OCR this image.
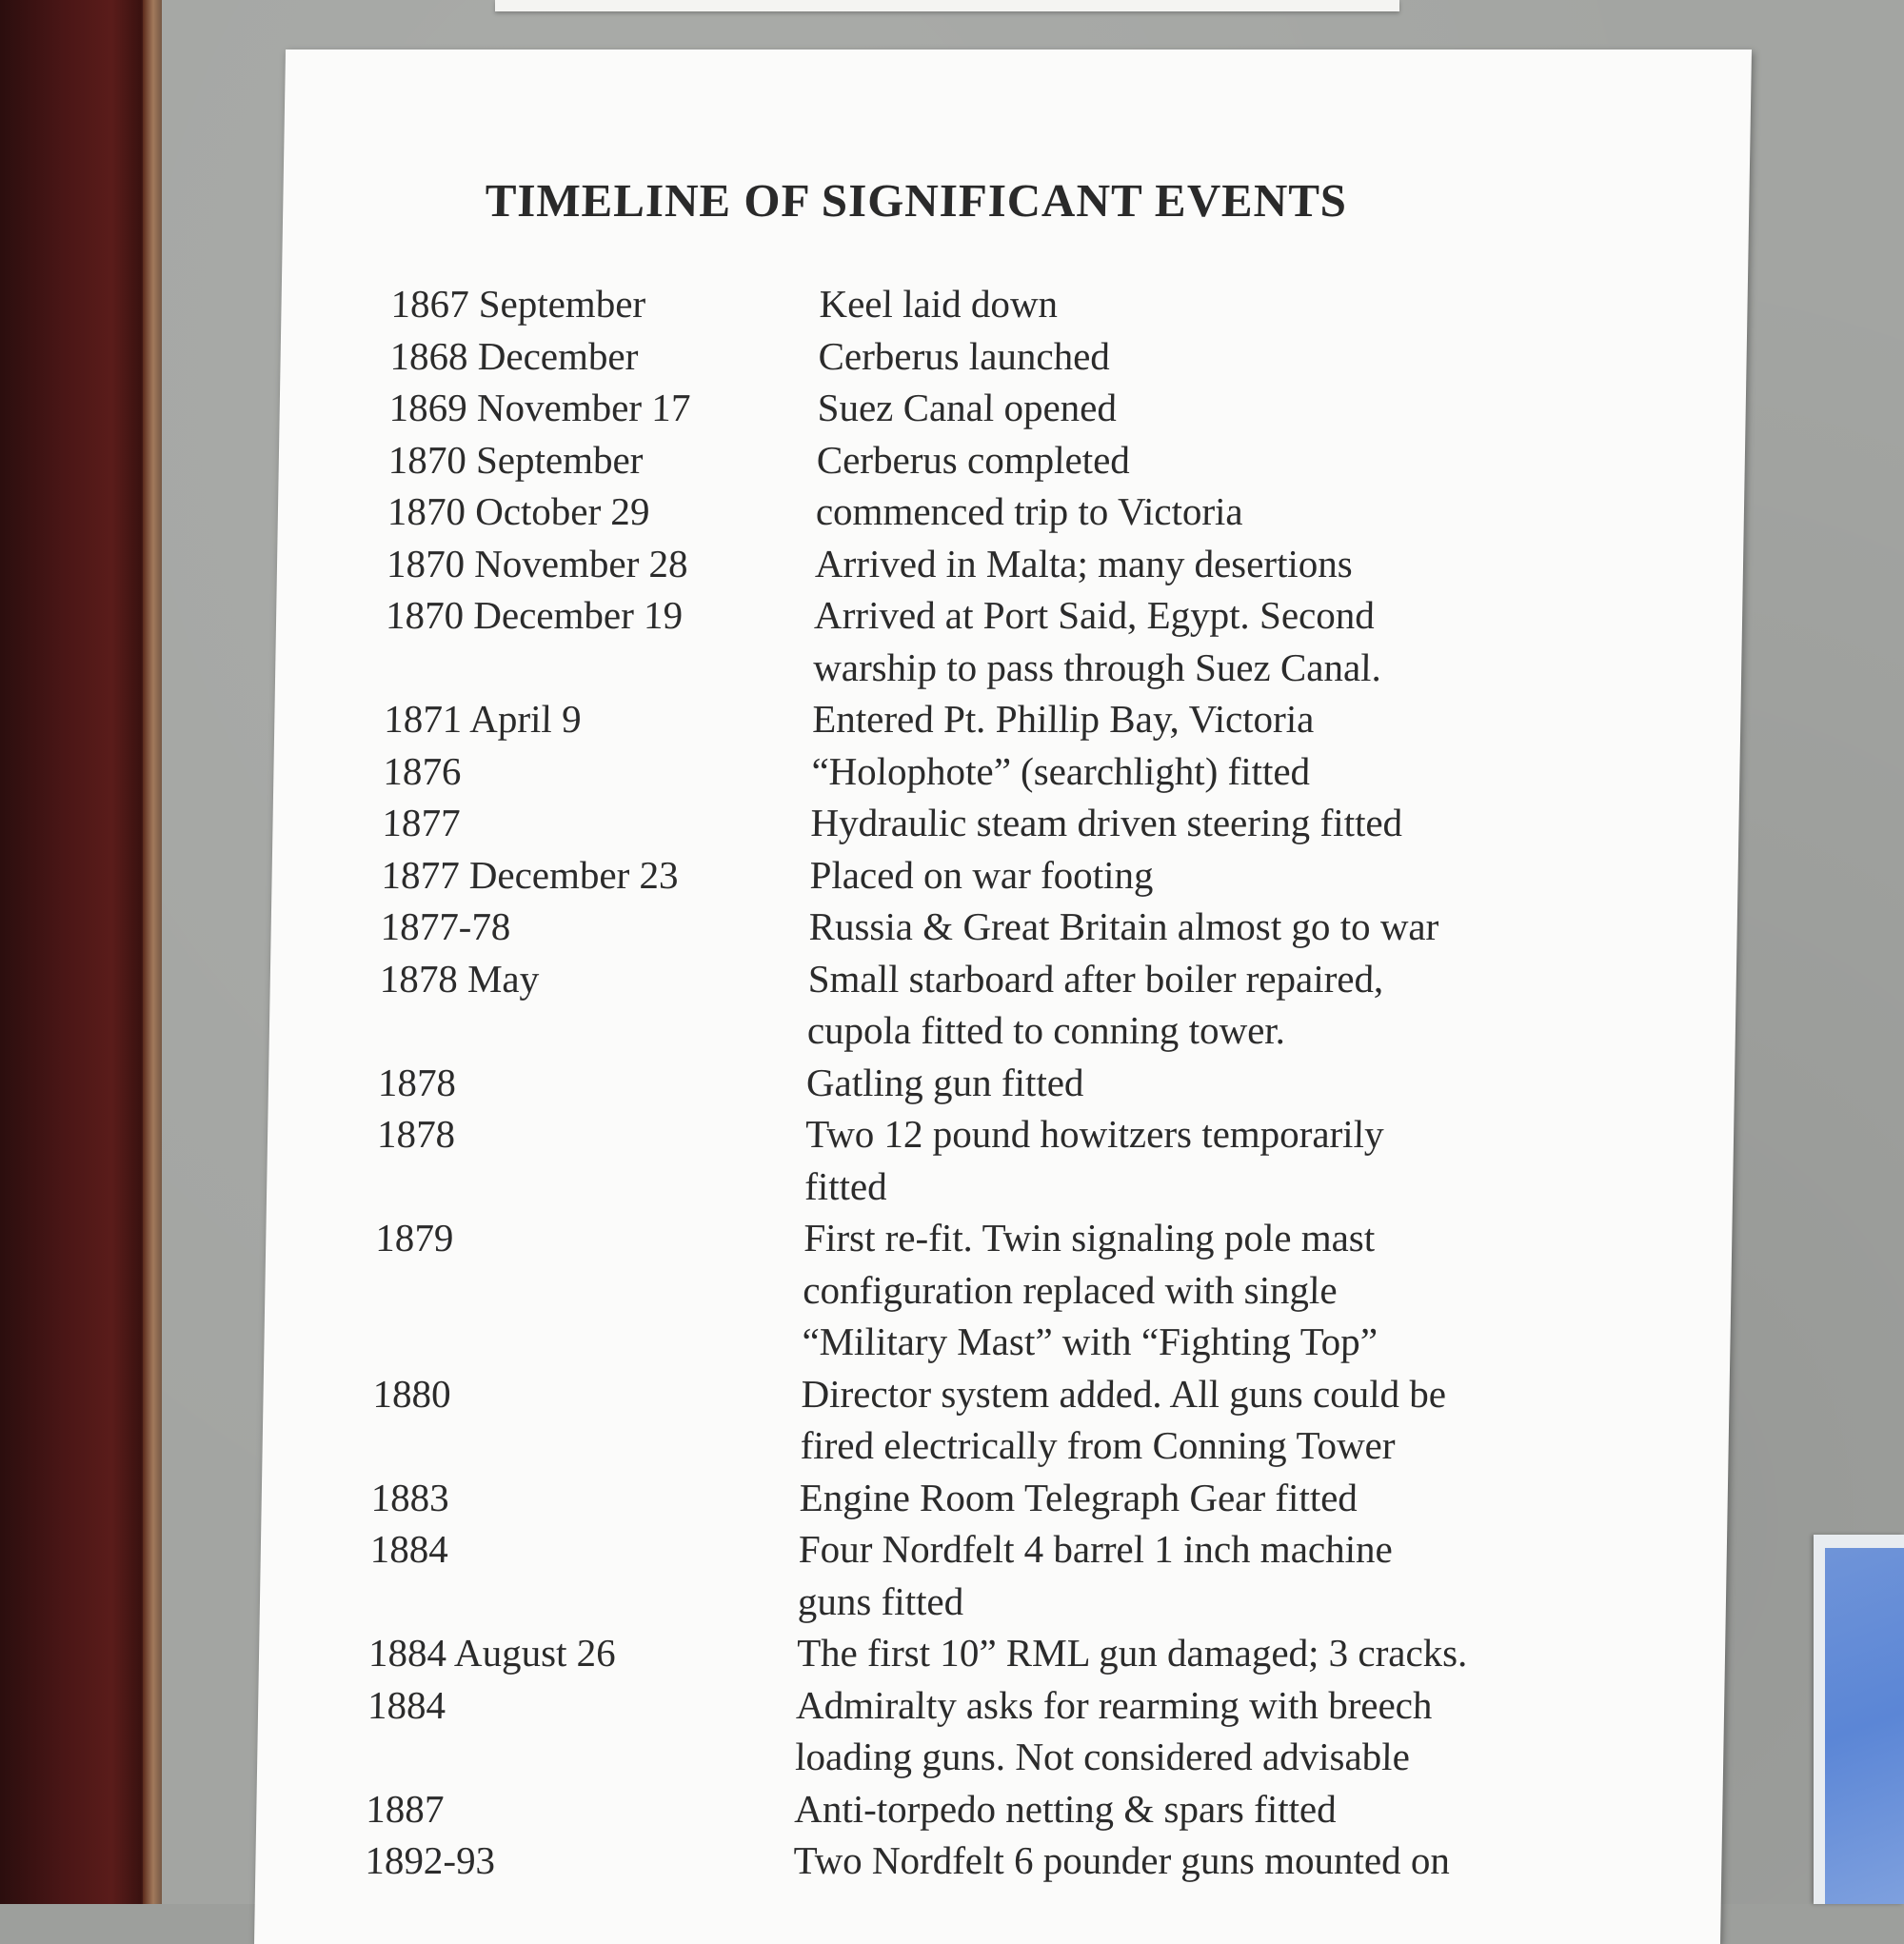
TIMELINE OF SIGNIFICANT EVENTS
1867 September	Keel laid down
1868 December	Cerberus launched
1869 November 17	Suez Canal opened
1870 September	Cerberus completed
1870 October 29	commenced trip to Victoria
1870 November 28	Arrived in Malta; many desertions
1870 December 19	Arrived at Port Said, Egypt. Second
warship to pass through Suez Canal.
1871 April 9	Entered Pt. Phillip Bay, Victoria
1876	“Holophote” (searchlight) fitted
1877	Hydraulic steam driven steering fitted
1877 December 23	Placed on war footing
1877-78	Russia & Great Britain almost go to war
1878 May	Small starboard after boiler repaired,
cupola fitted to conning tower.
1878	Gatling gun fitted
1878	Two 12 pound howitzers temporarily
fitted
1879	First re-fit. Twin signaling pole mast
configuration replaced with single
“Military Mast” with “Fighting Top”
1880	Director system added. All guns could be
fired electrically from Conning Tower
1883	Engine Room Telegraph Gear fitted
1884	Four Nordfelt 4 barrel 1 inch machine
guns fitted
1884 August 26	The first 10” RML gun damaged; 3 cracks.
1884	Admiralty asks for rearming with breech
loading guns. Not considered advisable
1887	Anti-torpedo netting & spars fitted
1892-93	Two Nordfelt 6 pounder guns mounted on
